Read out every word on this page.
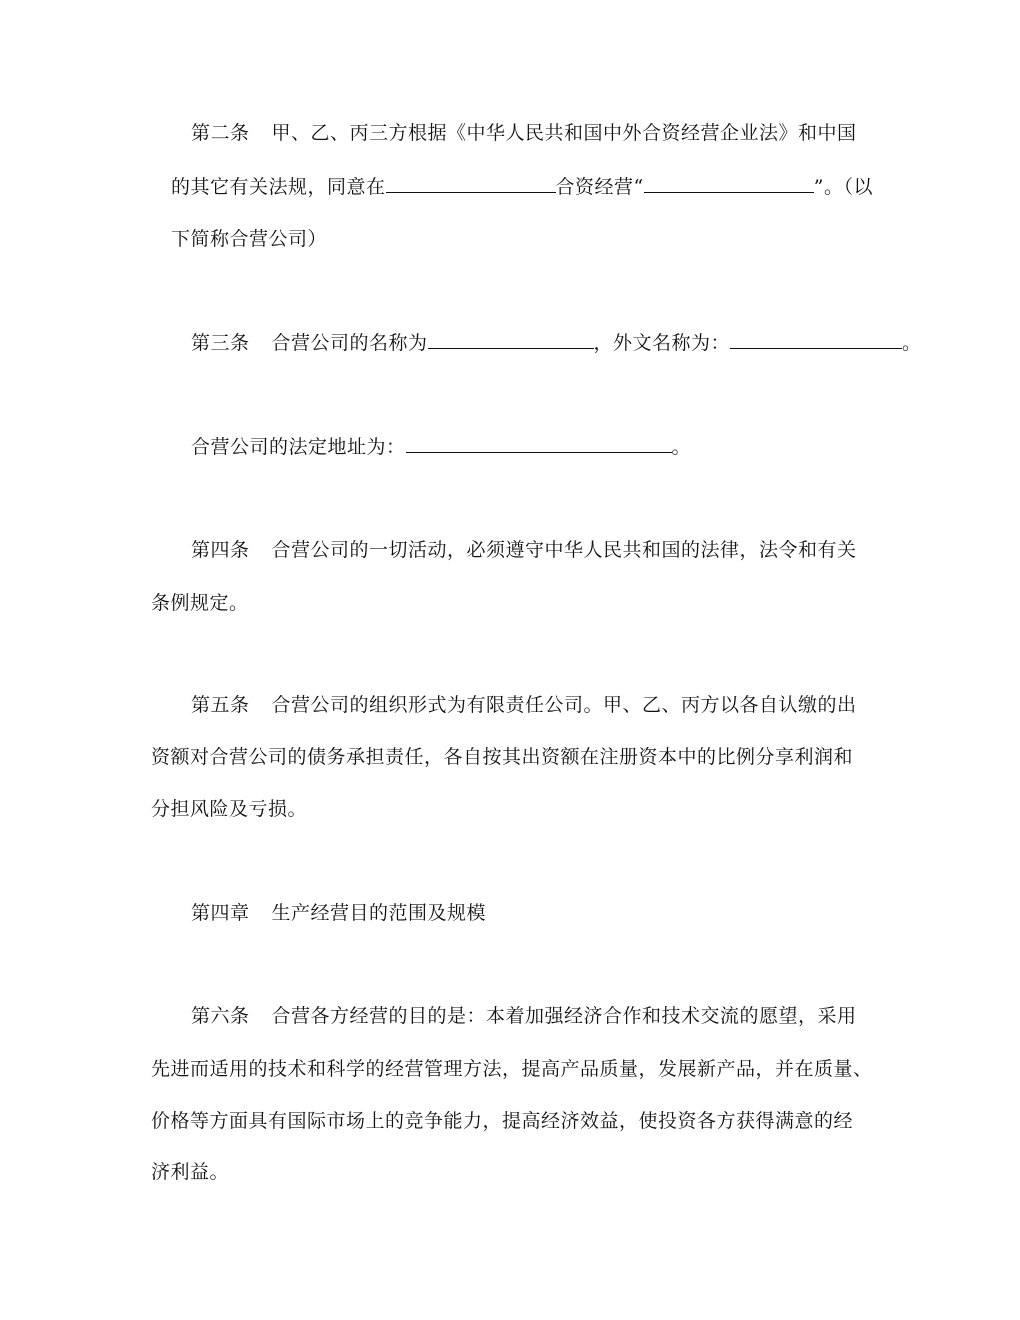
第二条 甲、乙、丙三方根据《中华人民共和国中外合资经营企业法》和中国
的其它有关法规，同意在	合资经营“	”。（以
下简称合营公司）
第三条 合营公司的名称为	，外文名称为：	。
合营公司的法定地址为：	。
第四条 合营公司的一切活动，必须遵守中华人民共和国的法律，法令和有关
条例规定。
第五条 合营公司的组织形式为有限责任公司。甲、乙、丙方以各自认缴的出
资额对合营公司的债务承担责任，各自按其出资额在注册资本中的比例分享利润和
分担风险及亏损。
第四章 生产经营目的范围及规模
第六条 合营各方经营的目的是：本着加强经济合作和技术交流的愿望，采用
先进而适用的技术和科学的经营管理方法，提高产品质量，发展新产品，并在质量、
价格等方面具有国际市场上的竞争能力，提高经济效益，使投资各方获得满意的经
济利益。
